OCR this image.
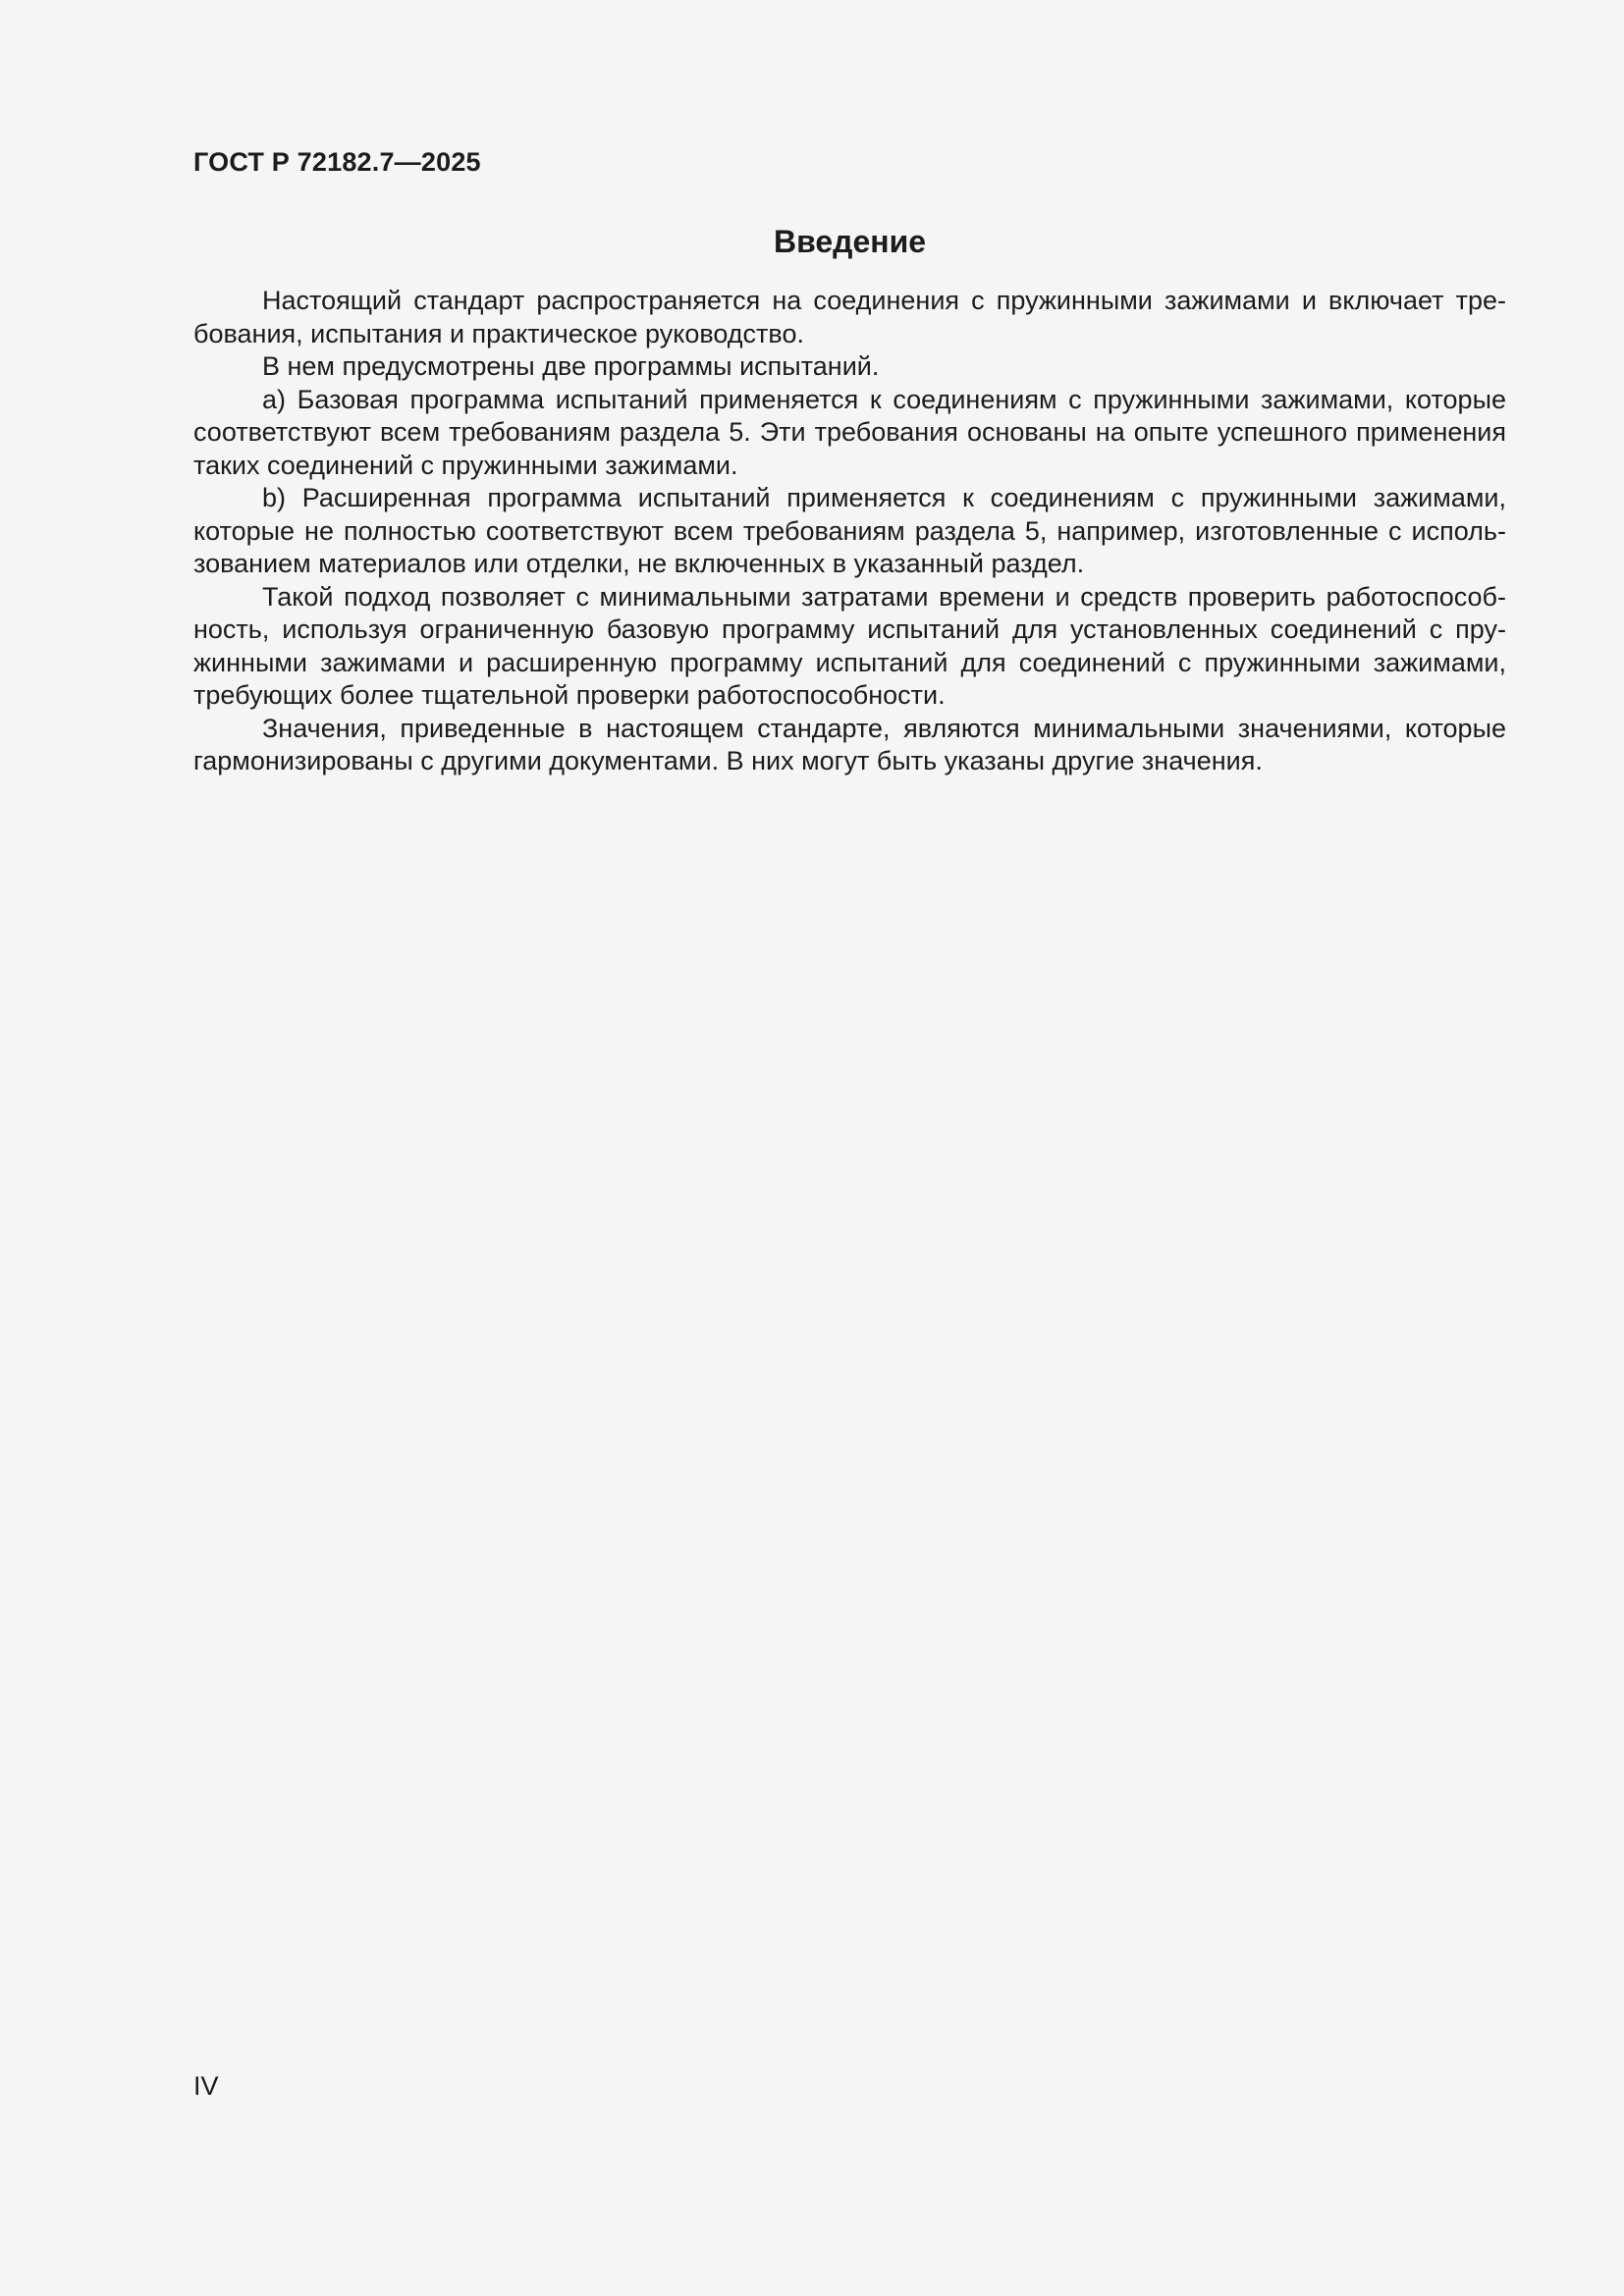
ГОСТ Р 72182.7—2025

Введение

Настоящий стандарт распространяется на соединения с пружинными зажимами и включает требования, испытания и практическое руководство.

В нем предусмотрены две программы испытаний.

a) Базовая программа испытаний применяется к соединениям с пружинными зажимами, которые соответствуют всем требованиям раздела 5. Эти требования основаны на опыте успешного применения таких соединений с пружинными зажимами.

b) Расширенная программа испытаний применяется к соединениям с пружинными зажимами, которые не полностью соответствуют всем требованиям раздела 5, например, изготовленные с использованием материалов или отделки, не включенных в указанный раздел.

Такой подход позволяет с минимальными затратами времени и средств проверить работоспособность, используя ограниченную базовую программу испытаний для установленных соединений с пружинными зажимами и расширенную программу испытаний для соединений с пружинными зажимами, требующих более тщательной проверки работоспособности.

Значения, приведенные в настоящем стандарте, являются минимальными значениями, которые гармонизированы с другими документами. В них могут быть указаны другие значения.

IV
